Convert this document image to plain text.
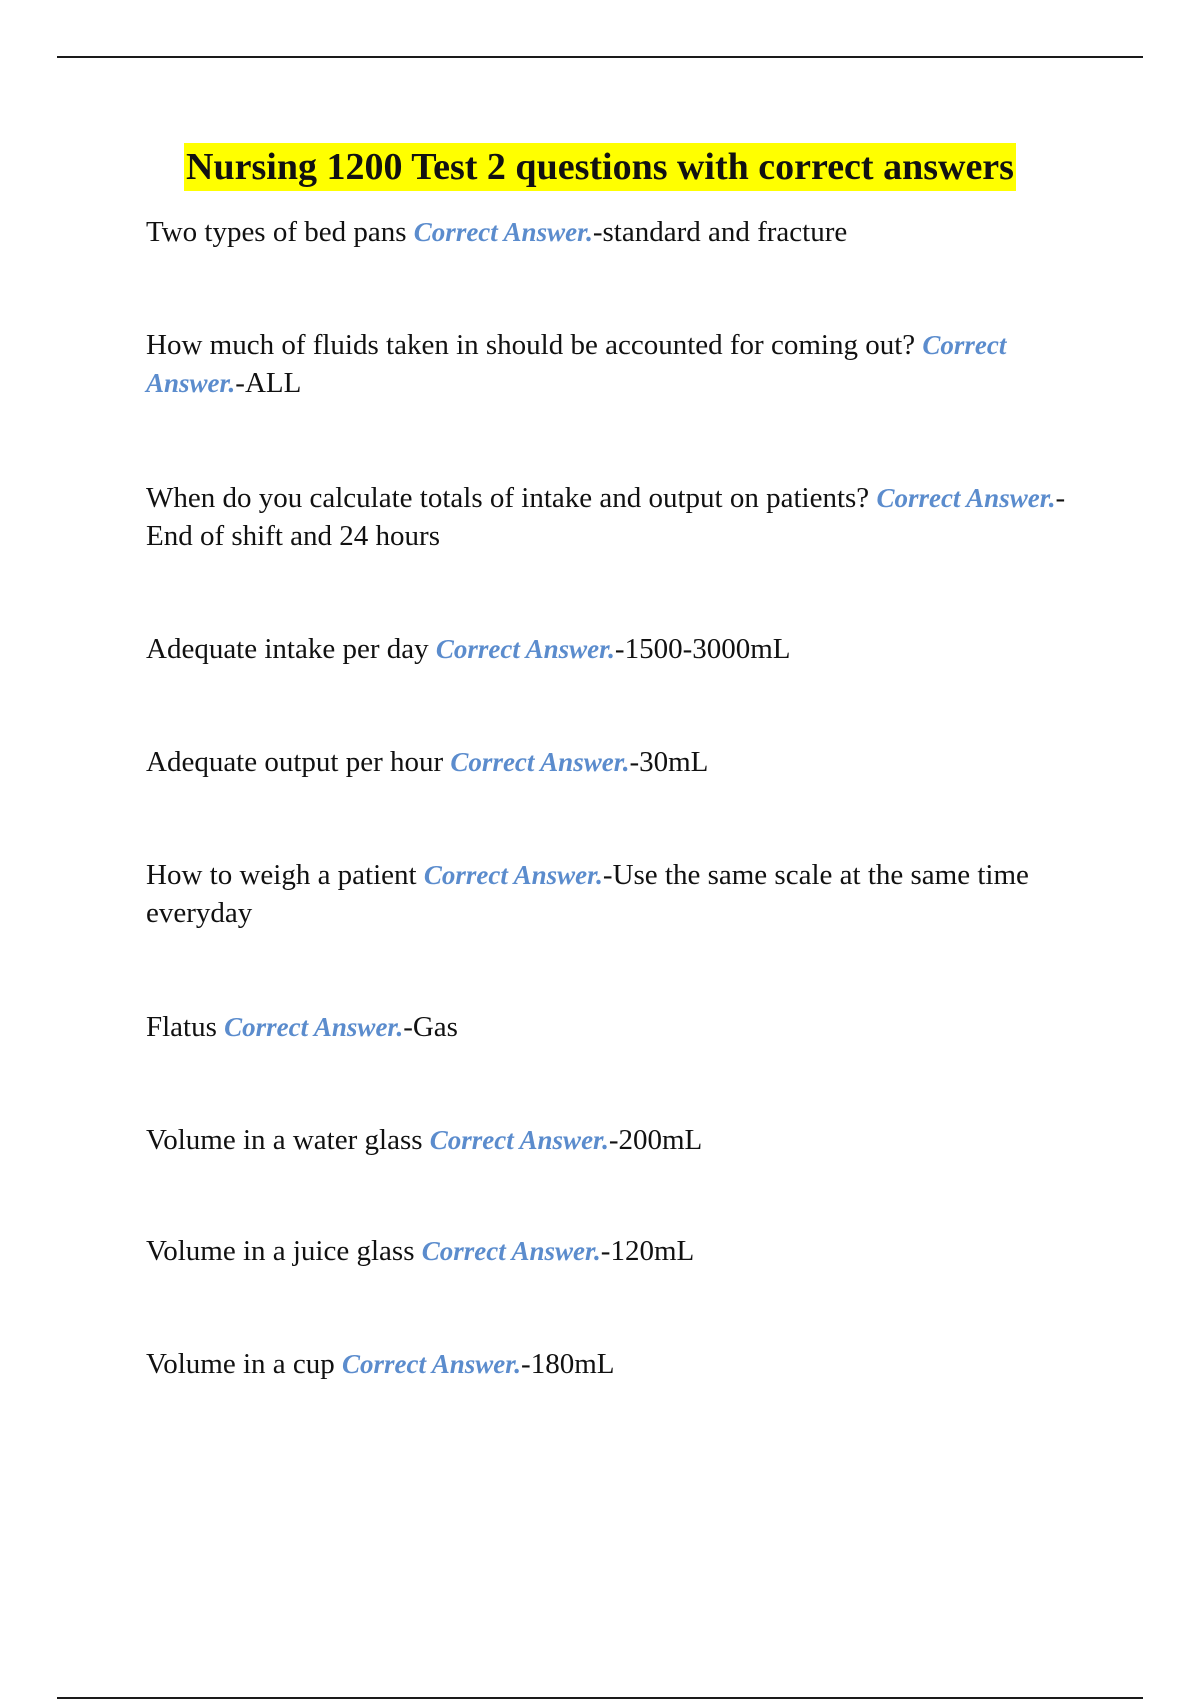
Nursing 1200 Test 2 questions with correct answers
Two types of bed pans Correct Answer.-standard and fracture
How much of fluids taken in should be accounted for coming out? Correct Answer.-ALL
When do you calculate totals of intake and output on patients? Correct Answer.-End of shift and 24 hours
Adequate intake per day Correct Answer.-1500-3000mL
Adequate output per hour Correct Answer.-30mL
How to weigh a patient Correct Answer.-Use the same scale at the same time everyday
Flatus Correct Answer.-Gas
Volume in a water glass Correct Answer.-200mL
Volume in a juice glass Correct Answer.-120mL
Volume in a cup Correct Answer.-180mL
